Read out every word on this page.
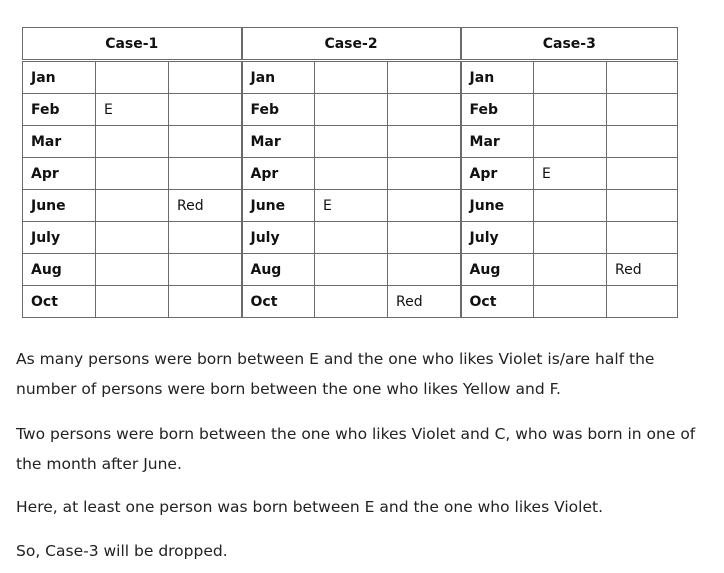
Case-1			Case-2			Case-3		
Jan			Jan			Jan		
Feb	E		Feb			Feb		
Mar			Mar			Mar		
Apr			Apr			Apr	E	
June		Red	June	E		June		
July			July			July		
Aug			Aug			Aug		Red
Oct			Oct		Red	Oct		

As many persons were born between E and the one who likes Violet is/are half the number of persons were born between the one who likes Yellow and F.

Two persons were born between the one who likes Violet and C, who was born in one of the month after June.

Here, at least one person was born between E and the one who likes Violet.

So, Case-3 will be dropped.
